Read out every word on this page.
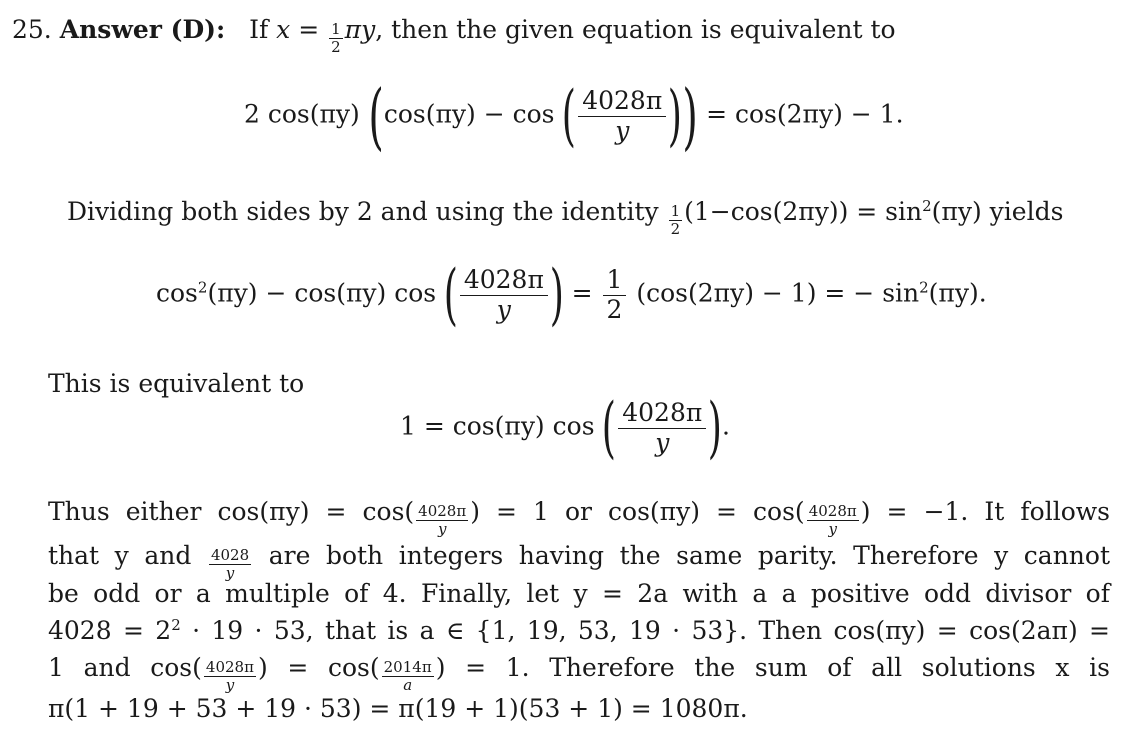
25. Answer (D): If $x = \frac{1}{2} \pi y$, then the given equation is equivalent to
2 cos(πy) (cos(πy) − cos ( $\frac{4028\pi}{y}$ )) = cos(2πy) − 1.
Dividing both sides by 2 and using the identity $\frac{1}{2} (1-\cos(2\pi y)) = \sin^2(\pi y)$ yields
$\cos^2(\pi y) - \cos(\pi y)$ cos ( $\frac{4028\pi}{y}$ ) = $\frac{1}{2} (\cos(2\pi y) - 1)$ = − $\sin^2(\pi y)$.
This is equivalent to
1 = cos(πy) cos ( $\frac{4028\pi}{y}$ ).
Thus either $\cos(\pi y) = \cos( \frac{4028\pi}{y}$ ) = 1 or $\cos(\pi y) = \cos( \frac{4028\pi}{y}$ ) = −1. It follows
that y and $\frac{4028}{y}$ are both integers having the same parity. Therefore y cannot
be odd or a multiple of 4. Finally, let y = 2a with a a positive odd divisor of
$4028 = 2^2 \cdot 19 \cdot 53$, that is a ∈ {1, 19, 53, 19 · 53}. Then cos(πy) = cos(2aπ) =
1 and $\cos( \frac{4028\pi}{y}$ ) = $\cos( \frac{2014\pi}{a}$ ) = 1. Therefore the sum of all solutions x is
π(1 + 19 + 53 + 19 · 53) = π(19 + 1)(53 + 1) = 1080π.
